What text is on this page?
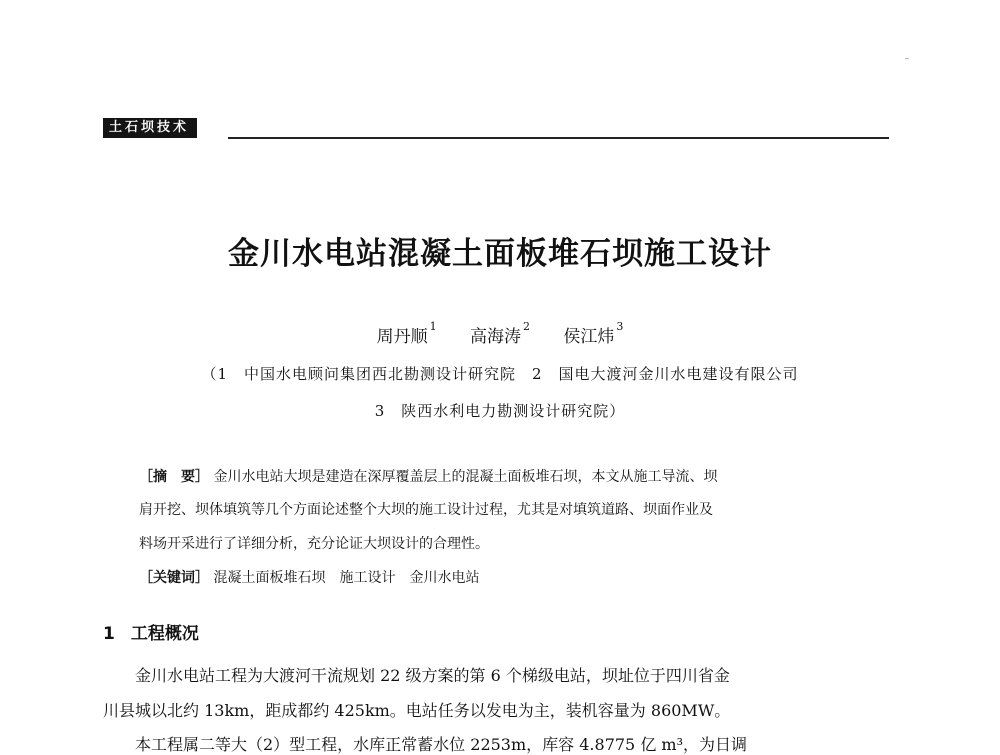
土石坝技术
金川水电站混凝土面板堆石坝施工设计
周丹顺$^1$ 高海涛$^2$ 侯江炜$^3$
（1　中国水电顾问集团西北勘测设计研究院　2　国电大渡河金川水电建设有限公司
3　陕西水利电力勘测设计研究院）
［摘　要］ 金川水电站大坝是建造在深厚覆盖层上的混凝土面板堆石坝，本文从施工导流、坝
肩开挖、坝体填筑等几个方面论述整个大坝的施工设计过程，尤其是对填筑道路、坝面作业及
料场开采进行了详细分析，充分论证大坝设计的合理性。
［关键词］ 混凝土面板堆石坝　施工设计　金川水电站
1 工程概况
金川水电站工程为大渡河干流规划 22 级方案的第 6 个梯级电站，坝址位于四川省金
川县城以北约 13km，距成都约 425km。电站任务以发电为主，装机容量为 860MW。
本工程属二等大（2）型工程，水库正常蓄水位 2253m，库容 4.8775 亿 m³，为日调
